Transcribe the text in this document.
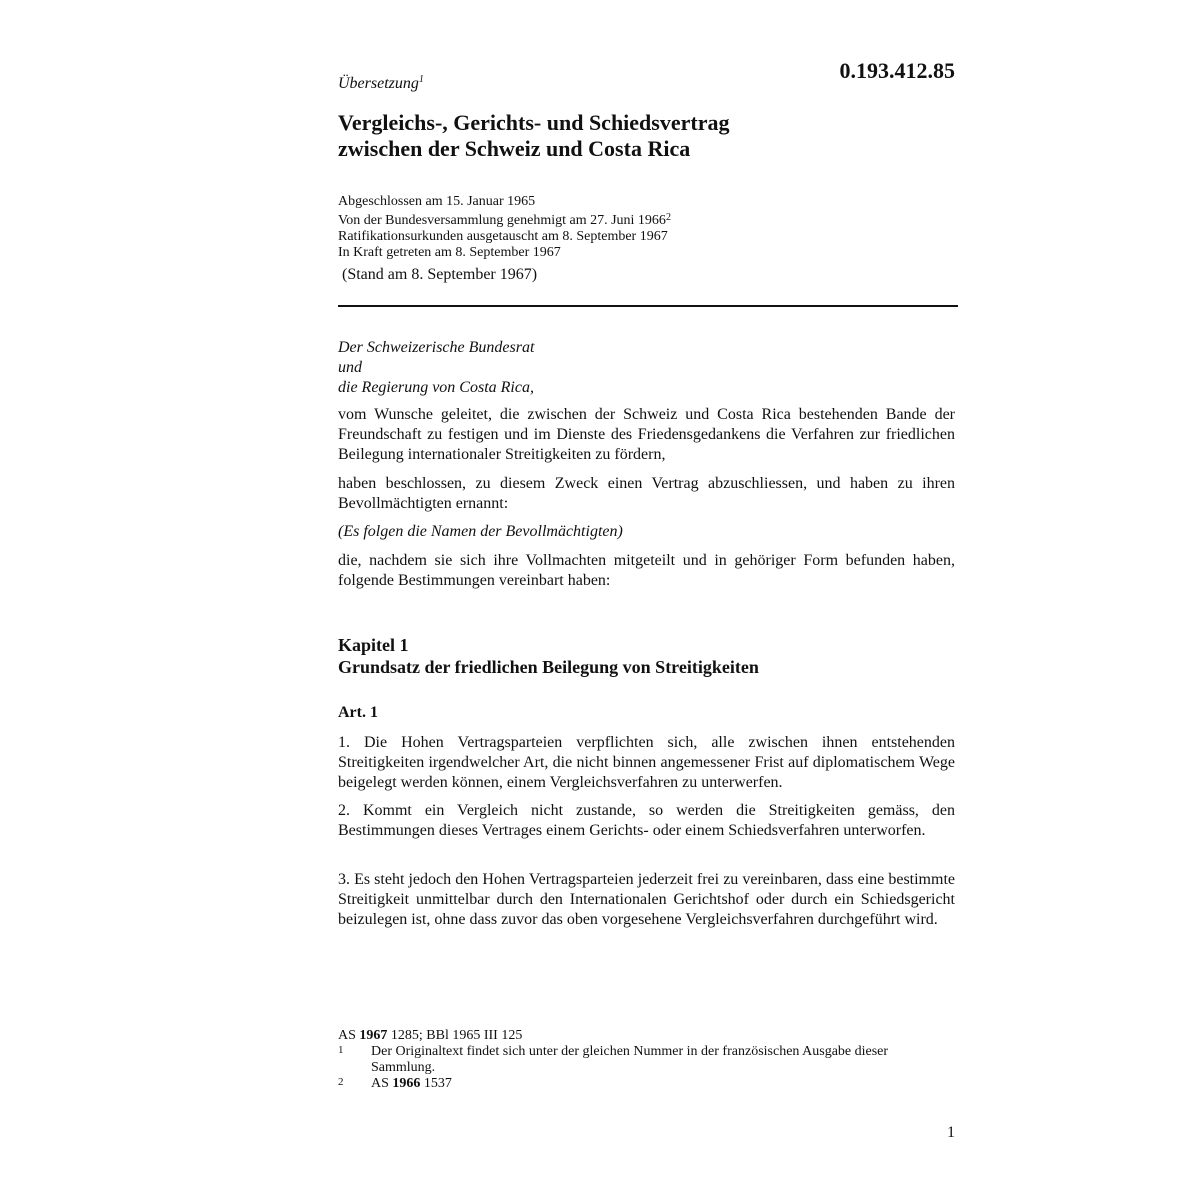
0.193.412.85
Übersetzung$^1$
Vergleichs-, Gerichts- und Schiedsvertrag
zwischen der Schweiz und Costa Rica
Abgeschlossen am 15. Januar 1965
Von der Bundesversammlung genehmigt am 27. Juni 1966$^2$
Ratifikationsurkunden ausgetauscht am 8. September 1967
In Kraft getreten am 8. September 1967
(Stand am 8. September 1967)
Der Schweizerische Bundesrat
und
die Regierung von Costa Rica,
vom Wunsche geleitet, die zwischen der Schweiz und Costa Rica bestehenden Bande der Freundschaft zu festigen und im Dienste des Friedensgedankens die Verfahren zur friedlichen Beilegung internationaler Streitigkeiten zu fördern,
haben beschlossen, zu diesem Zweck einen Vertrag abzuschliessen, und haben zu ihren Bevollmächtigten ernannt:
(Es folgen die Namen der Bevollmächtigten)
die, nachdem sie sich ihre Vollmachten mitgeteilt und in gehöriger Form befunden haben, folgende Bestimmungen vereinbart haben:
Kapitel 1
Grundsatz der friedlichen Beilegung von Streitigkeiten
Art. 1
1. Die Hohen Vertragsparteien verpflichten sich, alle zwischen ihnen entstehenden Streitigkeiten irgendwelcher Art, die nicht binnen angemessener Frist auf diplomatischem Wege beigelegt werden können, einem Vergleichsverfahren zu unterwerfen.
2. Kommt ein Vergleich nicht zustande, so werden die Streitigkeiten gemäss, den Bestimmungen dieses Vertrages einem Gerichts- oder einem Schiedsverfahren unterworfen.
3. Es steht jedoch den Hohen Vertragsparteien jederzeit frei zu vereinbaren, dass eine bestimmte Streitigkeit unmittelbar durch den Internationalen Gerichtshof oder durch ein Schiedsgericht beizulegen ist, ohne dass zuvor das oben vorgesehene Vergleichsverfahren durchgeführt wird.
AS 1967 1285; BBl 1965 III 125
1 Der Originaltext findet sich unter der gleichen Nummer in der französischen Ausgabe dieser Sammlung.
2 AS 1966 1537
1
